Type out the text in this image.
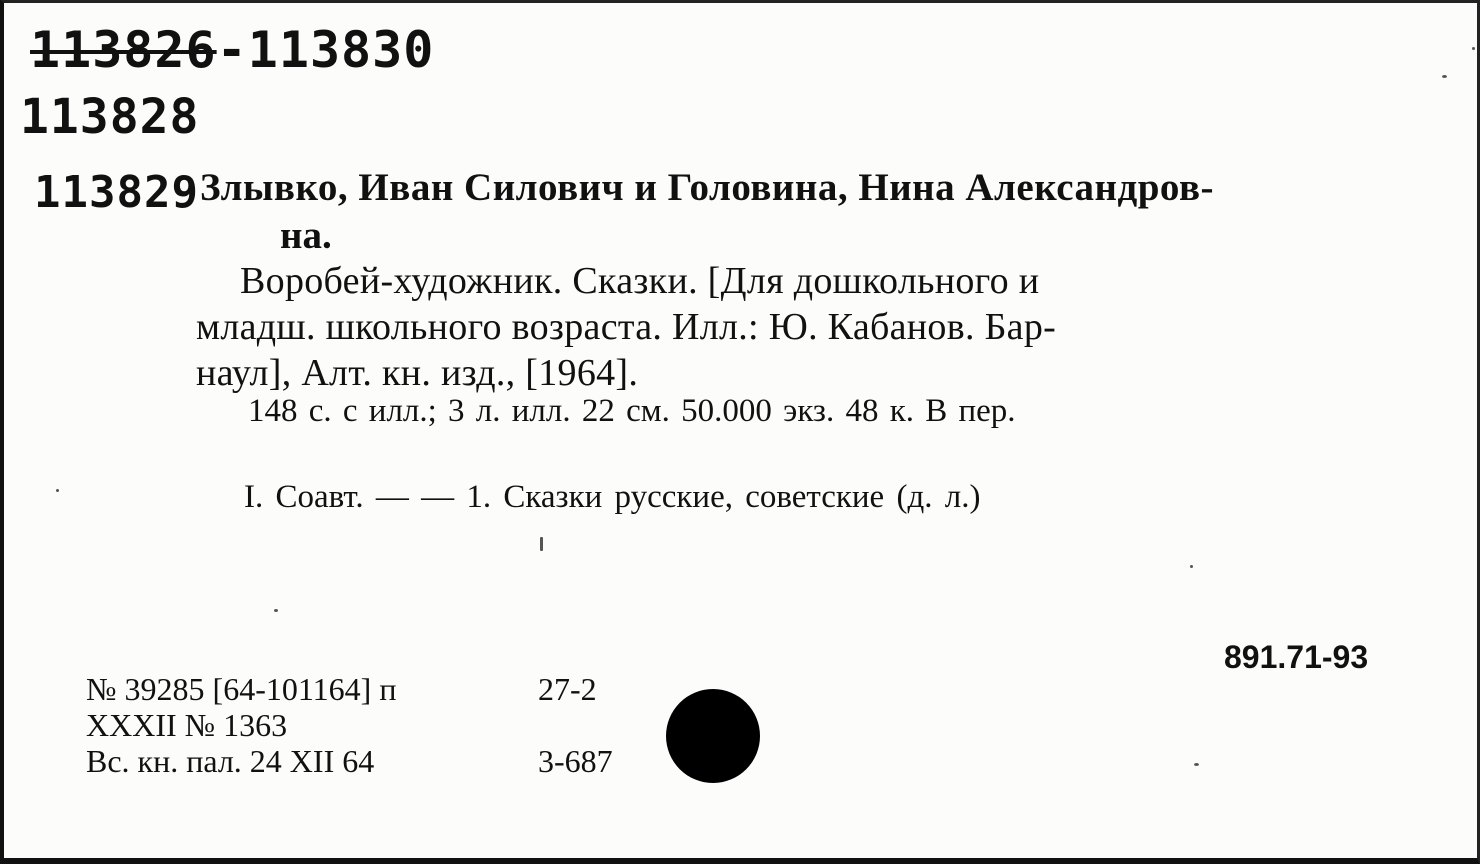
113826-113830
113828
113829 Злывко, Иван Силович и Головина, Нина Александров-
на.
Воробей-художник. Сказки. [Для дошкольного и
младш. школьного возраста. Илл.: Ю. Кабанов. Бар-
наул], Алт. кн. изд., [1964].
148 с. с илл.; 3 л. илл. 22 см. 50.000 экз. 48 к. В пер.
I. Соавт. — — 1. Сказки русские, советские (д. л.)
891.71-93
№ 39285 [64-101164] п
XXXII № 1363
Вс. кн. пал. 24 XII 64
27-2
3-687
